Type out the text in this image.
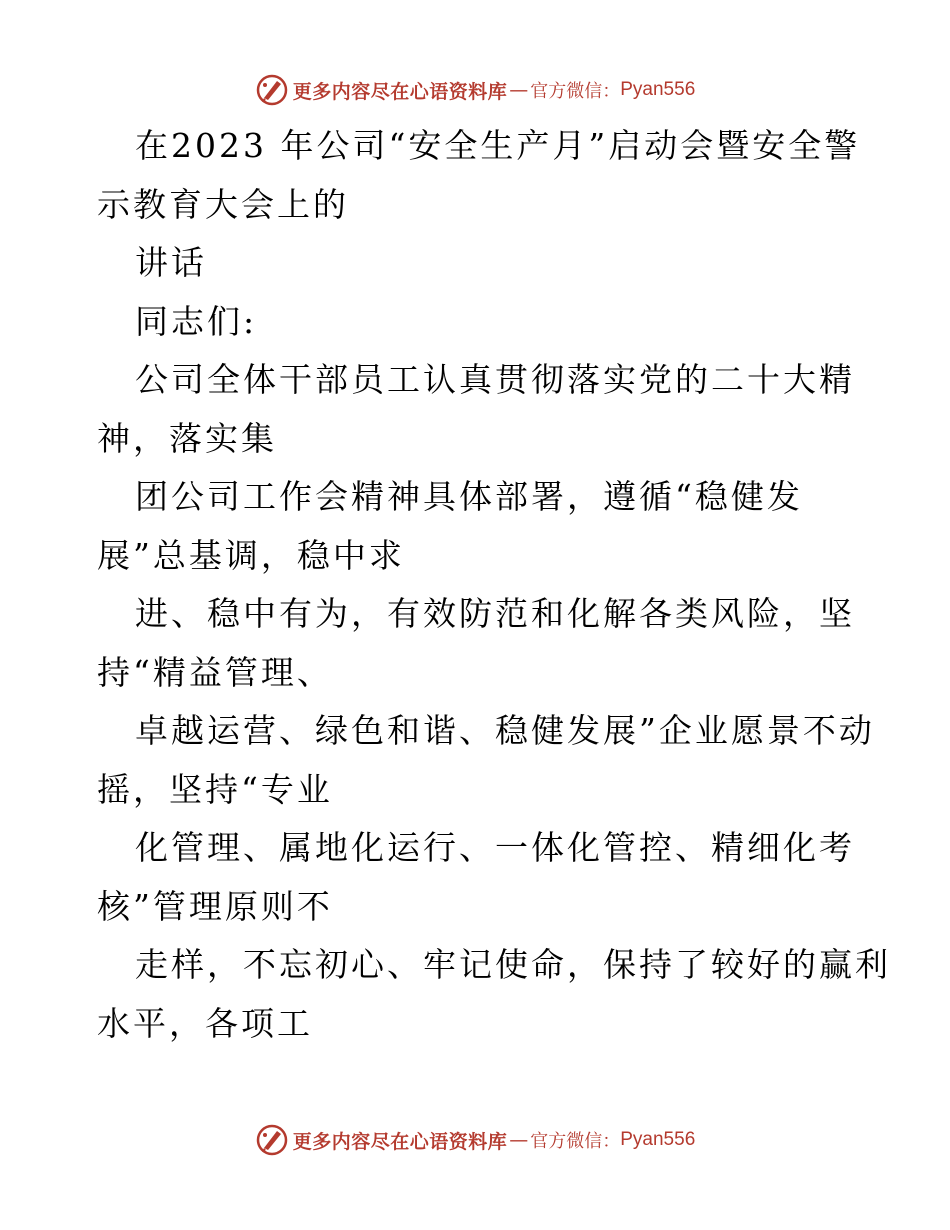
更多内容尽在心语资料库 — 官方微信： Pyan556
在2023 年公司“安全生产月”启动会暨安全警
示教育大会上的
讲话
同志们:
公司全体干部员工认真贯彻落实党的二十大精
神，落实集
团公司工作会精神具体部署，遵循“稳健发
展”总基调，稳中求
进、稳中有为，有效防范和化解各类风险，坚
持“精益管理、
卓越运营、绿色和谐、稳健发展”企业愿景不动
摇，坚持“专业
化管理、属地化运行、一体化管控、精细化考
核”管理原则不
走样，不忘初心、牢记使命，保持了较好的赢利
水平，各项工
更多内容尽在心语资料库 — 官方微信： Pyan556
